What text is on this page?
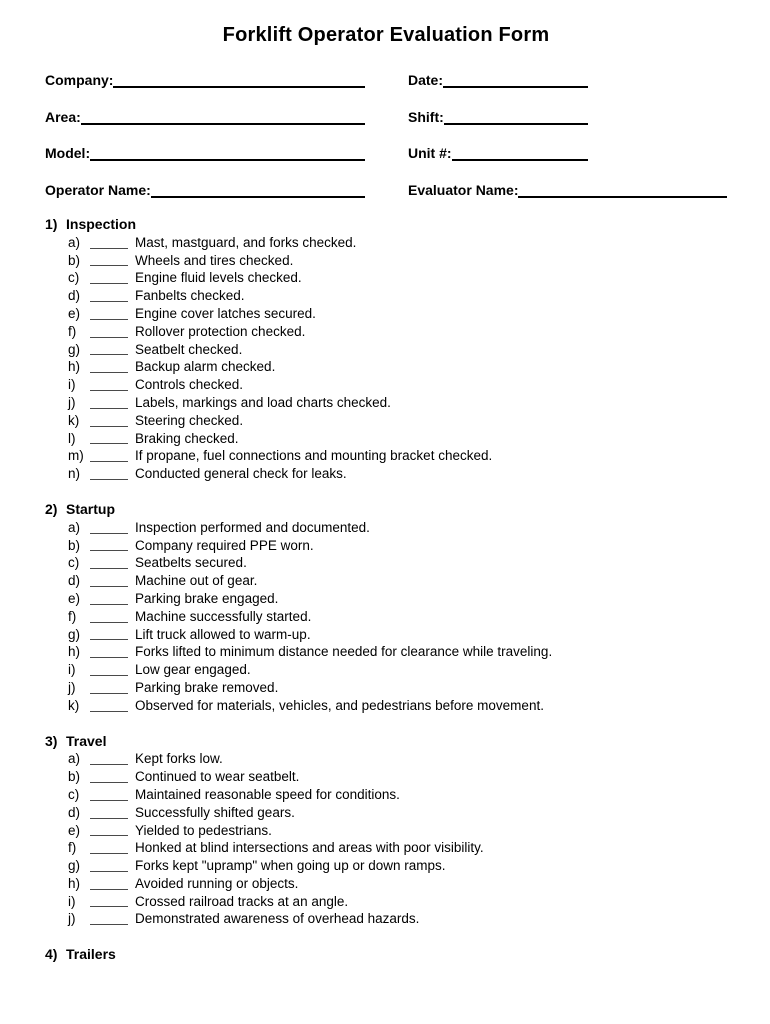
Forklift Operator Evaluation Form
Company:	Date:
Area:	Shift:
Model:	Unit #:
Operator Name:	Evaluator Name:
1) Inspection
a)	Mast, mastguard, and forks checked.
b)	Wheels and tires checked.
c)	Engine fluid levels checked.
d)	Fanbelts checked.
e)	Engine cover latches secured.
f)	Rollover protection checked.
g)	Seatbelt checked.
h)	Backup alarm checked.
i)	Controls checked.
j)	Labels, markings and load charts checked.
k)	Steering checked.
l)	Braking checked.
m)	If propane, fuel connections and mounting bracket checked.
n)	Conducted general check for leaks.
2) Startup
a)	Inspection performed and documented.
b)	Company required PPE worn.
c)	Seatbelts secured.
d)	Machine out of gear.
e)	Parking brake engaged.
f)	Machine successfully started.
g)	Lift truck allowed to warm-up.
h)	Forks lifted to minimum distance needed for clearance while traveling.
i)	Low gear engaged.
j)	Parking brake removed.
k)	Observed for materials, vehicles, and pedestrians before movement.
3) Travel
a)	Kept forks low.
b)	Continued to wear seatbelt.
c)	Maintained reasonable speed for conditions.
d)	Successfully shifted gears.
e)	Yielded to pedestrians.
f)	Honked at blind intersections and areas with poor visibility.
g)	Forks kept "upramp" when going up or down ramps.
h)	Avoided running or objects.
i)	Crossed railroad tracks at an angle.
j)	Demonstrated awareness of overhead hazards.
4) Trailers
